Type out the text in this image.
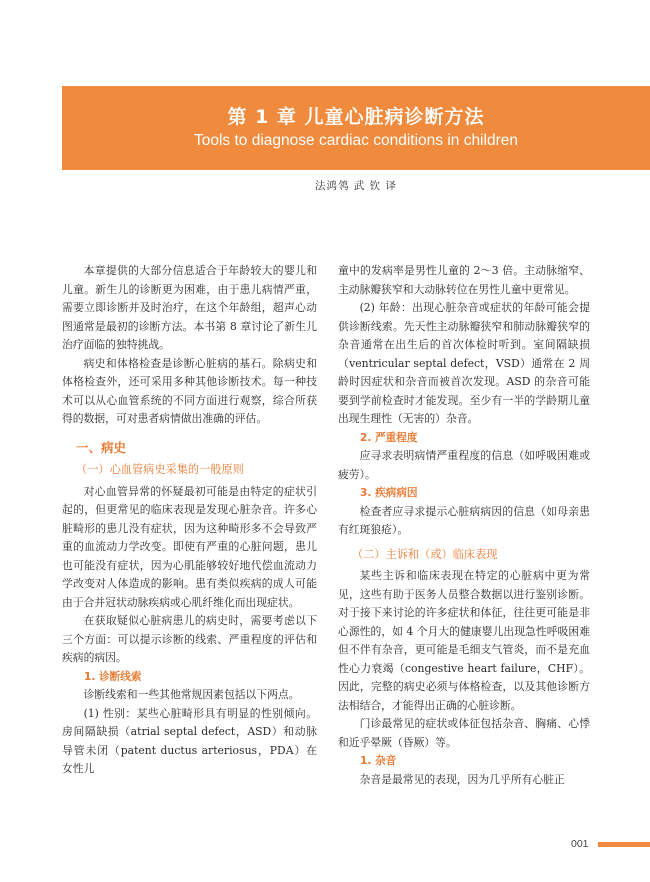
第 1 章 儿童心脏病诊断方法
Tools to diagnose cardiac conditions in children
法鸿鸰 武 钦 译

本章提供的大部分信息适合于年龄较大的婴儿和儿童。新生儿的诊断更为困难，由于患儿病情严重，需要立即诊断并及时治疗，在这个年龄组，超声心动图通常是最初的诊断方法。本书第 8 章讨论了新生儿治疗面临的独特挑战。

病史和体格检查是诊断心脏病的基石。除病史和体格检查外，还可采用多种其他诊断技术。每一种技术可以从心血管系统的不同方面进行观察，综合所获得的数据，可对患者病情做出准确的评估。

一、病史
（一）心血管病史采集的一般原则

对心血管异常的怀疑最初可能是由特定的症状引起的，但更常见的临床表现是发现心脏杂音。许多心脏畸形的患儿没有症状，因为这种畸形多不会导致严重的血流动力学改变。即使有严重的心脏问题，患儿也可能没有症状，因为心肌能够较好地代偿血流动力学改变对人体造成的影响。患有类似疾病的成人可能由于合并冠状动脉疾病或心肌纤维化而出现症状。

在获取疑似心脏病患儿的病史时，需要考虑以下三个方面：可以提示诊断的线索、严重程度的评估和疾病的病因。

1. 诊断线索

诊断线索和一些其他常规因素包括以下两点。

(1) 性别：某些心脏畸形具有明显的性别倾向。房间隔缺损（atrial septal defect，ASD）和动脉导管未闭（patent ductus arteriosus，PDA）在女性儿

童中的发病率是男性儿童的 2～3 倍。主动脉缩窄、主动脉瓣狭窄和大动脉转位在男性儿童中更常见。

(2) 年龄：出现心脏杂音或症状的年龄可能会提供诊断线索。先天性主动脉瓣狭窄和肺动脉瓣狭窄的杂音通常在出生后的首次体检时听到。室间隔缺损（ventricular septal defect，VSD）通常在 2 周龄时因症状和杂音而被首次发现。ASD 的杂音可能要到学前检查时才能发现。至少有一半的学龄期儿童出现生理性（无害的）杂音。

2. 严重程度

应寻求表明病情严重程度的信息（如呼吸困难或疲劳）。

3. 疾病病因

检查者应寻求提示心脏病病因的信息（如母亲患有红斑狼疮）。

（二）主诉和（或）临床表现

某些主诉和临床表现在特定的心脏病中更为常见，这些有助于医务人员整合数据以进行鉴别诊断。对于接下来讨论的许多症状和体征，往往更可能是非心源性的，如 4 个月大的健康婴儿出现急性呼吸困难但不伴有杂音，更可能是毛细支气管炎，而不是充血性心力衰竭（congestive heart failure，CHF）。因此，完整的病史必须与体格检查，以及其他诊断方法相结合，才能得出正确的心脏诊断。

门诊最常见的症状或体征包括杂音、胸痛、心悸和近乎晕厥（昏厥）等。

1. 杂音

杂音是最常见的表现，因为几乎所有心脏正

001
